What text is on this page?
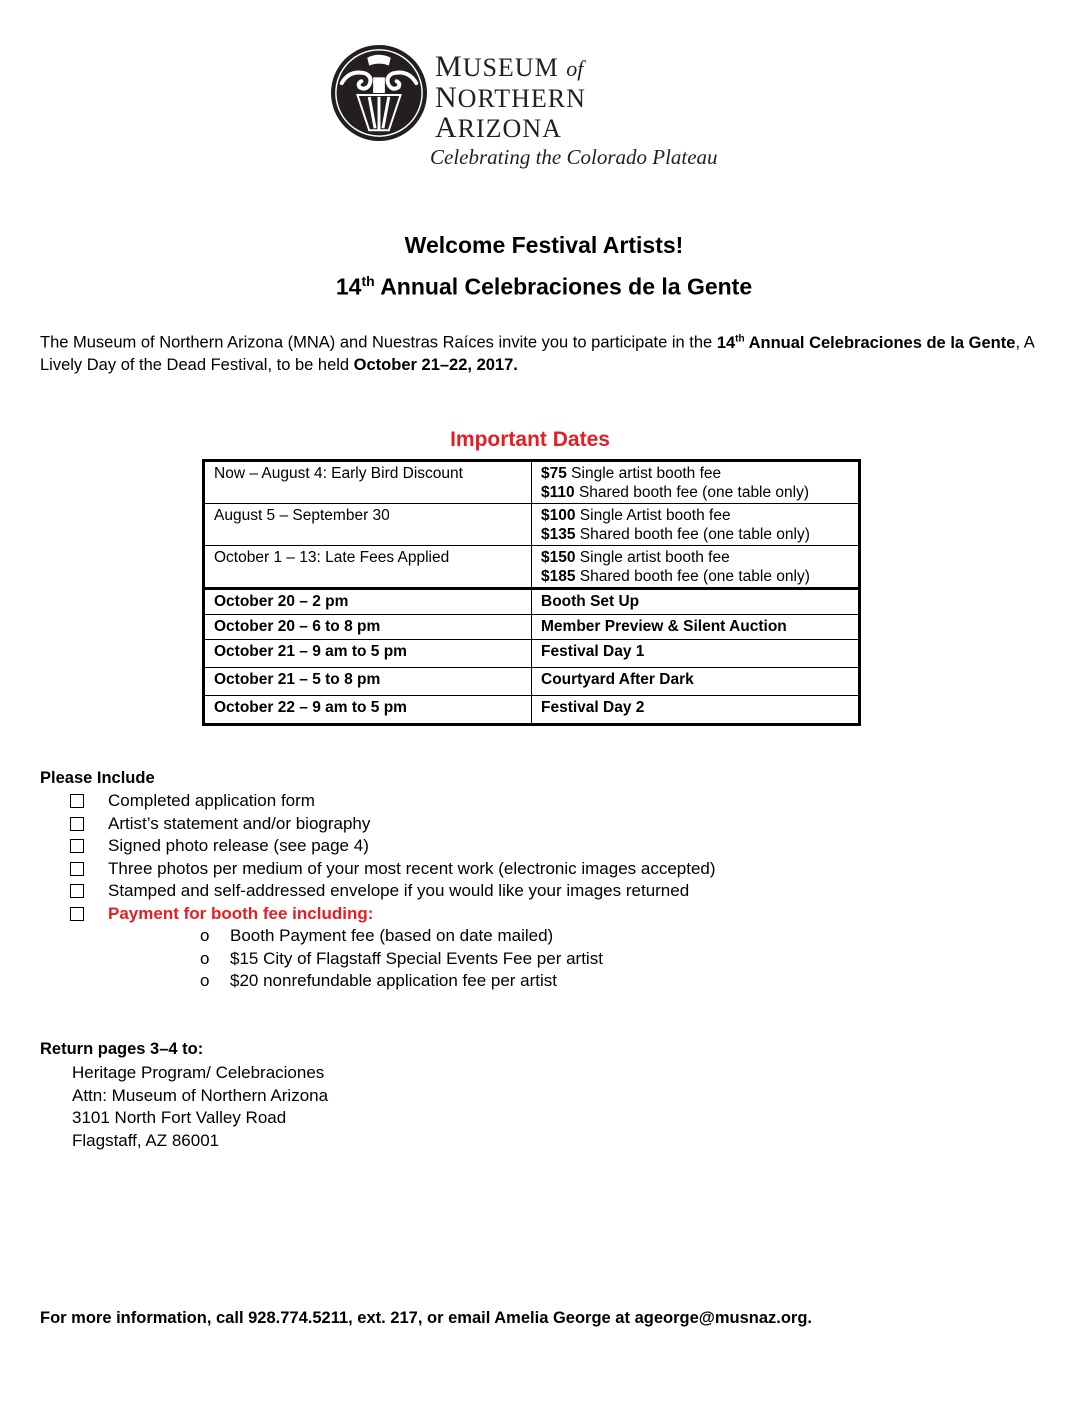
MUSEUM of
NORTHERN
ARIZONA
Celebrating the Colorado Plateau
Welcome Festival Artists!
14th Annual Celebraciones de la Gente
The Museum of Northern Arizona (MNA) and Nuestras Raíces invite you to participate in the 14th Annual Celebraciones de la Gente, A Lively Day of the Dead Festival, to be held October 21–22, 2017.
Important Dates
Now – August 4: Early Bird Discount	$75 Single artist booth fee
$110 Shared booth fee (one table only)

August 5 – September 30	$100 Single Artist booth fee
$135 Shared booth fee (one table only)

October 1 – 13: Late Fees Applied	$150 Single artist booth fee
$185 Shared booth fee (one table only)

October 20 – 2 pm	Booth Set Up
October 20 – 6 to 8 pm	Member Preview & Silent Auction
October 21 – 9 am to 5 pm	Festival Day 1
October 21 – 5 to 8 pm	Courtyard After Dark
October 22 – 9 am to 5 pm	Festival Day 2
Please Include
Completed application form
Artist’s statement and/or biography
Signed photo release (see page 4)
Three photos per medium of your most recent work (electronic images accepted)
Stamped and self-addressed envelope if you would like your images returned
Payment for booth fee including:
o Booth Payment fee (based on date mailed)
o $15 City of Flagstaff Special Events Fee per artist
o $20 nonrefundable application fee per artist
Return pages 3–4 to:
Heritage Program/ Celebraciones
Attn: Museum of Northern Arizona
3101 North Fort Valley Road
Flagstaff, AZ 86001
For more information, call 928.774.5211, ext. 217, or email Amelia George at ageorge@musnaz.org.
